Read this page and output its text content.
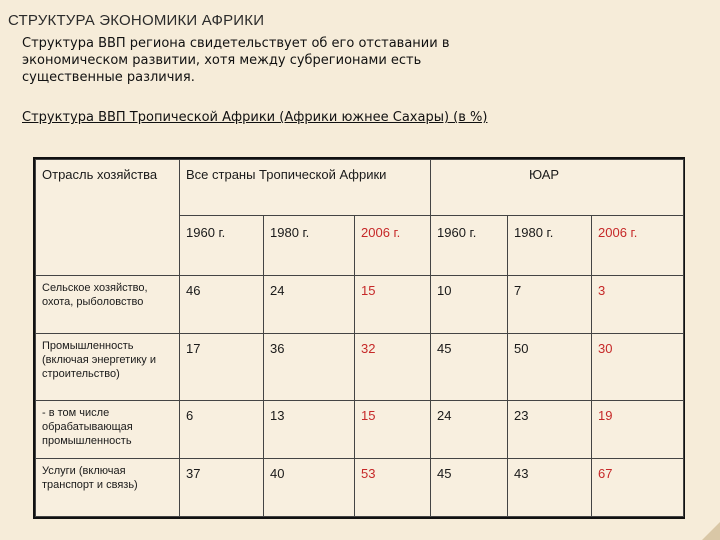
СТРУКТУРА ЭКОНОМИКИ АФРИКИ
Структура ВВП региона свидетельствует об его отставании в экономическом развитии, хотя между субрегионами есть существенные различия.
Структура ВВП Тропической Африки (Африки южнее Сахары) (в %)
Отрасль хозяйства	Все страны Тропической Африки			ЮАР		
	1960 г.	1980 г.	2006 г.	1960 г.	1980 г.	2006 г.
Сельское хозяйство, охота, рыболовство	46	24	15	10	7	3
Промышленность (включая энергетику и строительство)	17	36	32	45	50	30
- в том числе обрабатывающая промышленность	6	13	15	24	23	19
Услуги (включая транспорт и связь)	37	40	53	45	43	67
